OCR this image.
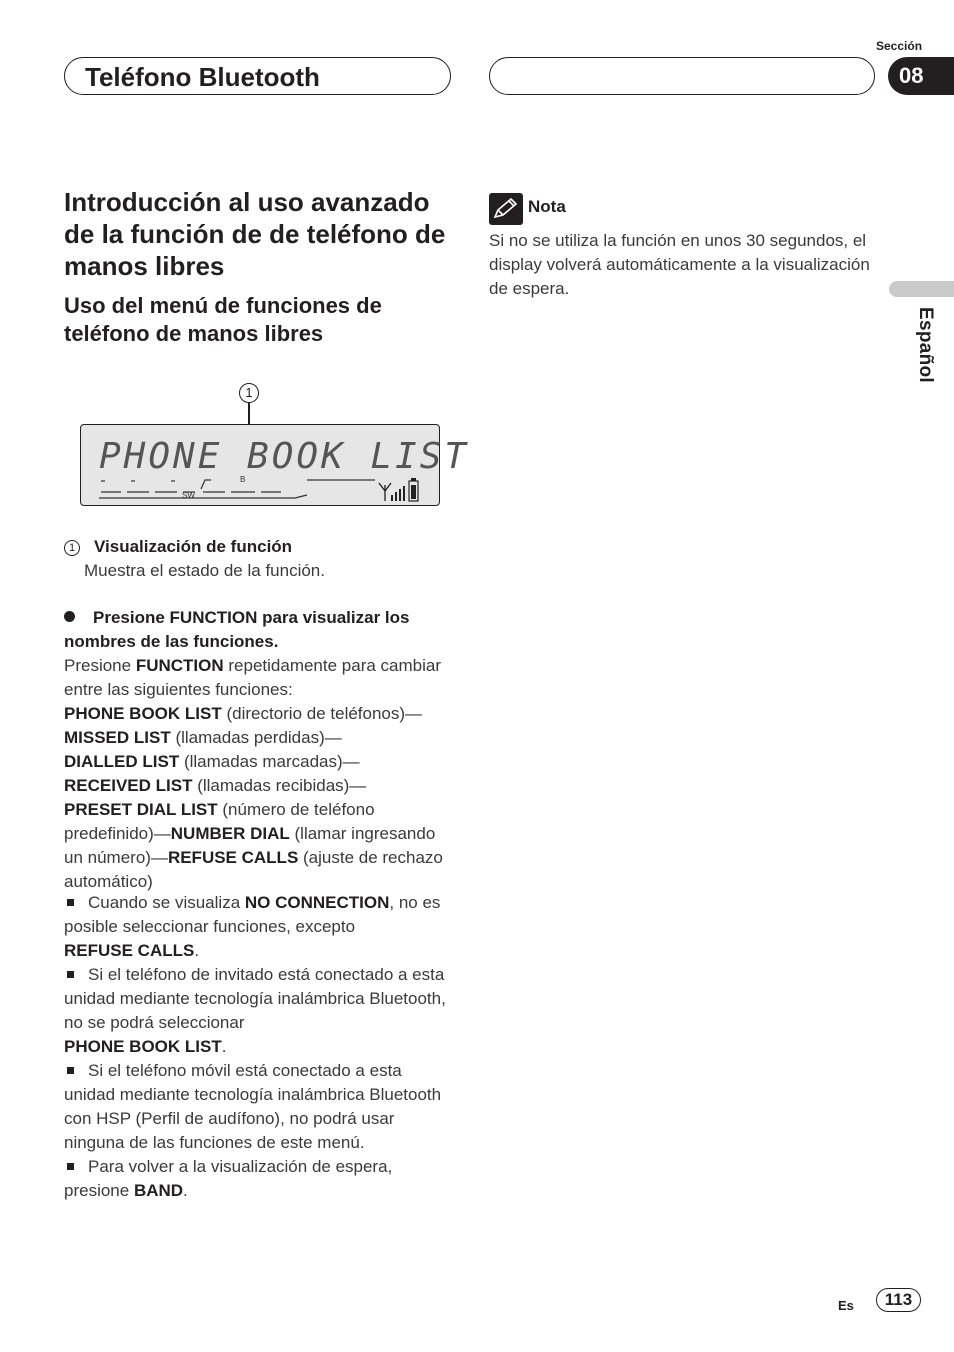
Teléfono Bluetooth
Sección
08
Español
Introducción al uso avanzado de la función de de teléfono de manos libres
Uso del menú de funciones de teléfono de manos libres
1
PHONE BOOK LIST
SW
B
1 Visualización de función
Muestra el estado de la función.
Presione FUNCTION para visualizar los nombres de las funciones.
Presione FUNCTION repetidamente para cambiar entre las siguientes funciones:
PHONE BOOK LIST (directorio de teléfonos)—
MISSED LIST (llamadas perdidas)—
DIALLED LIST (llamadas marcadas)—
RECEIVED LIST (llamadas recibidas)—
PRESET DIAL LIST (número de teléfono predefinido)—NUMBER DIAL (llamar ingresando un número)—REFUSE CALLS (ajuste de rechazo automático)
Cuando se visualiza NO CONNECTION, no es posible seleccionar funciones, excepto
REFUSE CALLS.
Si el teléfono de invitado está conectado a esta unidad mediante tecnología inalámbrica Bluetooth, no se podrá seleccionar
PHONE BOOK LIST.
Si el teléfono móvil está conectado a esta unidad mediante tecnología inalámbrica Bluetooth con HSP (Perfil de audífono), no podrá usar ninguna de las funciones de este menú.
Para volver a la visualización de espera, presione BAND.
Nota
Si no se utiliza la función en unos 30 segundos, el display volverá automáticamente a la visualización de espera.
Es	113
